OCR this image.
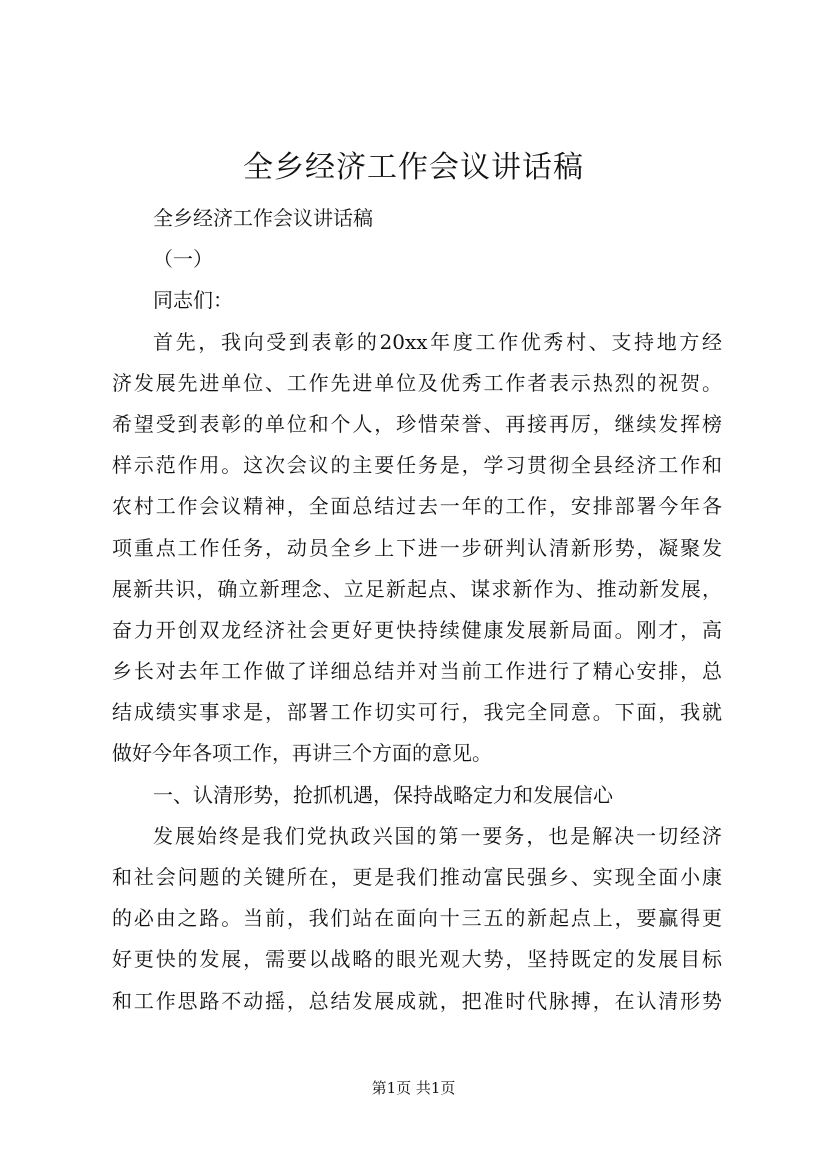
全乡经济工作会议讲话稿
全乡经济工作会议讲话稿
（一）
同志们：
首先，我向受到表彰的20xx年度工作优秀村、支持地方经
济发展先进单位、工作先进单位及优秀工作者表示热烈的祝贺。
希望受到表彰的单位和个人，珍惜荣誉、再接再厉，继续发挥榜
样示范作用。这次会议的主要任务是，学习贯彻全县经济工作和
农村工作会议精神，全面总结过去一年的工作，安排部署今年各
项重点工作任务，动员全乡上下进一步研判认清新形势，凝聚发
展新共识，确立新理念、立足新起点、谋求新作为、推动新发展，
奋力开创双龙经济社会更好更快持续健康发展新局面。刚才，高
乡长对去年工作做了详细总结并对当前工作进行了精心安排，总
结成绩实事求是，部署工作切实可行，我完全同意。下面，我就
做好今年各项工作，再讲三个方面的意见。
一、认清形势，抢抓机遇，保持战略定力和发展信心
发展始终是我们党执政兴国的第一要务，也是解决一切经济
和社会问题的关键所在，更是我们推动富民强乡、实现全面小康
的必由之路。当前，我们站在面向十三五的新起点上，要赢得更
好更快的发展，需要以战略的眼光观大势，坚持既定的发展目标
和工作思路不动摇，总结发展成就，把准时代脉搏，在认清形势
第1页 共1页
